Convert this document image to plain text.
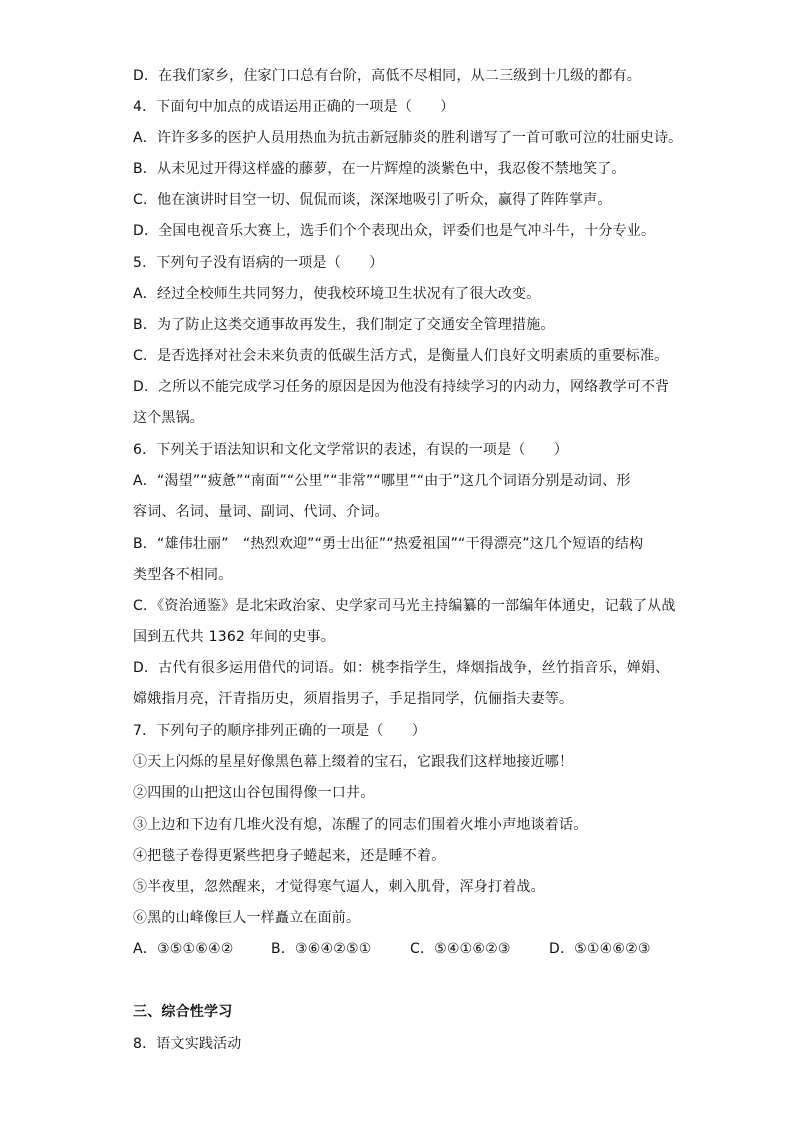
D．在我们家乡，住家门口总有台阶，高低不尽相同，从二三级到十几级的都有。
4．下面句中加点的成语运用正确的一项是（　　）
A．许许多多的医护人员用热血为抗击新冠肺炎的胜利谱写了一首可歌可泣的壮丽史诗。
B．从未见过开得这样盛的藤萝，在一片辉煌的淡紫色中，我忍俊不禁地笑了。
C．他在演讲时目空一切、侃侃而谈，深深地吸引了听众，赢得了阵阵掌声。
D．全国电视音乐大赛上，选手们个个表现出众，评委们也是气冲斗牛，十分专业。
5．下列句子没有语病的一项是（　　）
A．经过全校师生共同努力，使我校环境卫生状况有了很大改变。
B．为了防止这类交通事故再发生，我们制定了交通安全管理措施。
C．是否选择对社会未来负责的低碳生活方式，是衡量人们良好文明素质的重要标准。
D．之所以不能完成学习任务的原因是因为他没有持续学习的内动力，网络教学可不背
这个黑锅。
6．下列关于语法知识和文化文学常识的表述，有误的一项是（　　）
A．“渴望”“疲惫”“南面”“公里”“非常”“哪里”“由于”这几个词语分别是动词、形
容词、名词、量词、副词、代词、介词。
B．“雄伟壮丽”　“热烈欢迎”“勇士出征”“热爱祖国”“干得漂亮”这几个短语的结构
类型各不相同。
C．《资治通鉴》是北宋政治家、史学家司马光主持编纂的一部编年体通史，记载了从战
国到五代共 1362 年间的史事。
D．古代有很多运用借代的词语。如：桃李指学生，烽烟指战争，丝竹指音乐，婵娟、
嫦娥指月亮，汗青指历史，须眉指男子，手足指同学，伉俪指夫妻等。
7．下列句子的顺序排列正确的一项是（　　）
①天上闪烁的星星好像黑色幕上缀着的宝石，它跟我们这样地接近哪！
②四围的山把这山谷包围得像一口井。
③上边和下边有几堆火没有熄，冻醒了的同志们围着火堆小声地谈着话。
④把毯子卷得更紧些把身子蜷起来，还是睡不着。
⑤半夜里，忽然醒来，才觉得寒气逼人，刺入肌骨，浑身打着战。
⑥黑的山峰像巨人一样矗立在面前。
A．③⑤①⑥④②	B．③⑥④②⑤①	C．⑤④①⑥②③	D．⑤①④⑥②③
三、综合性学习
8．语文实践活动
